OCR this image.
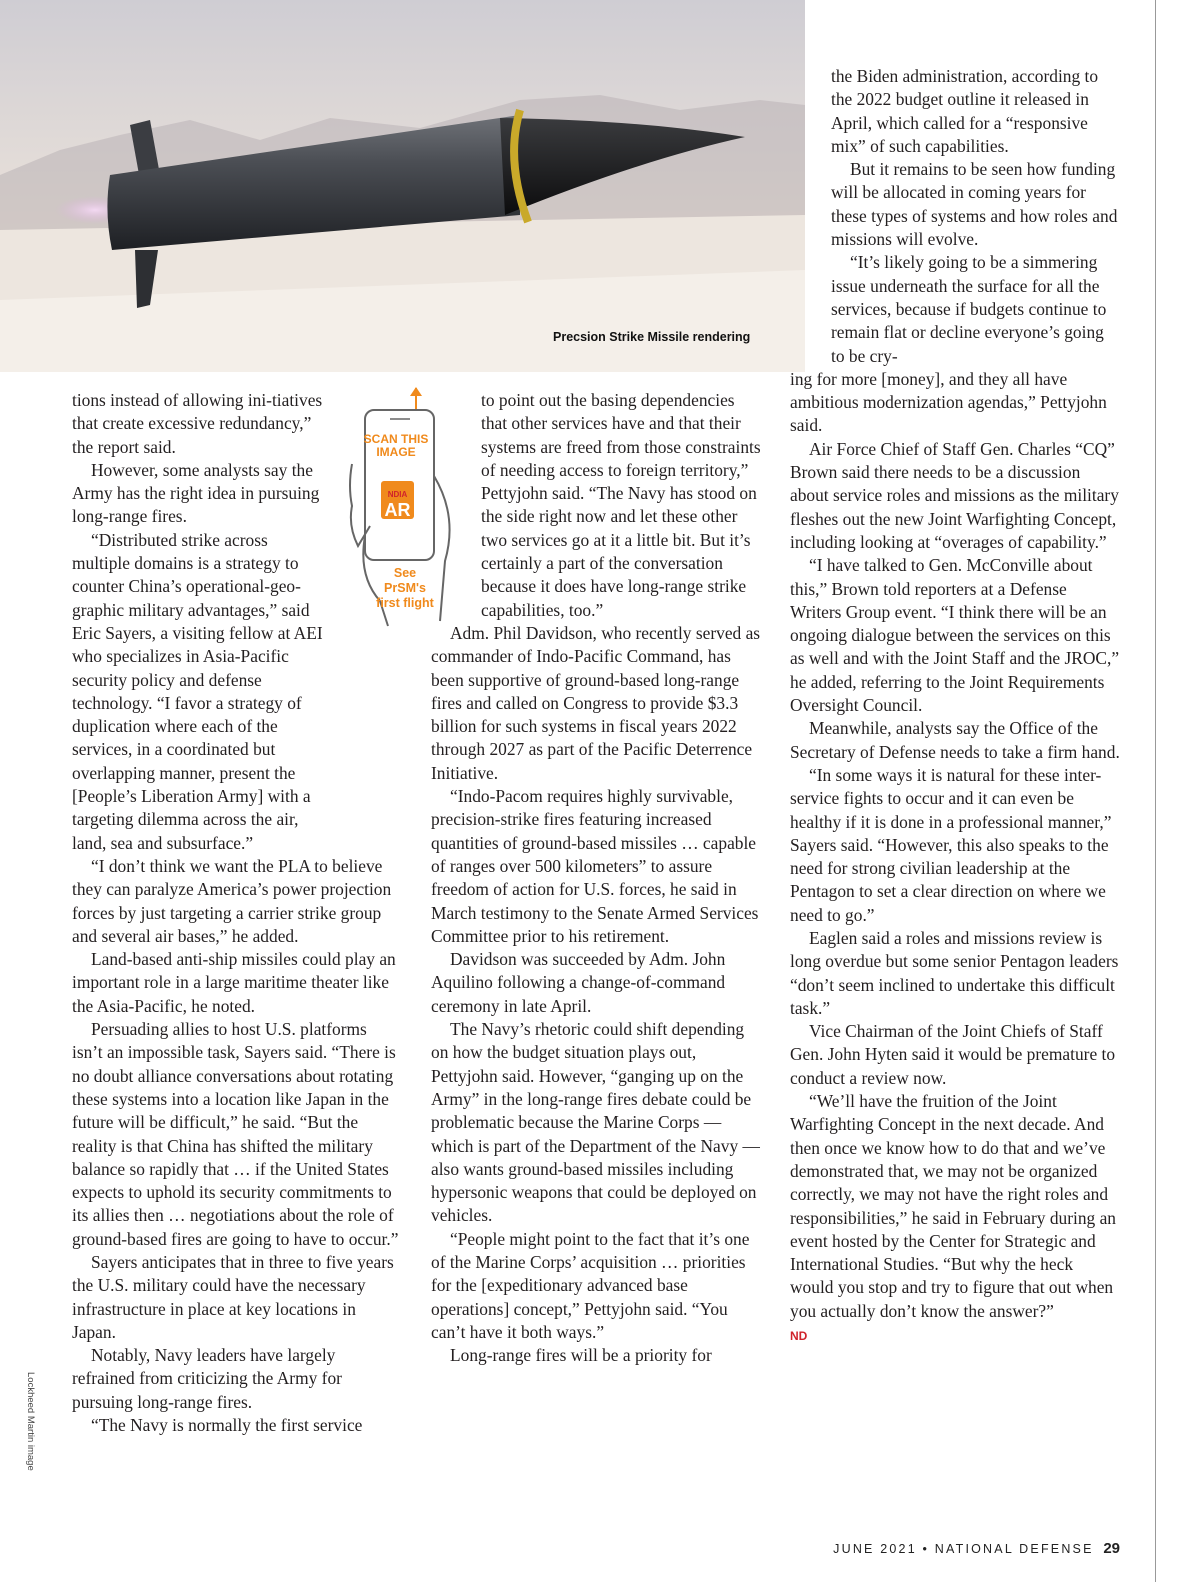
Precsion Strike Missile rendering
Lockheed Martin image
SCAN THIS IMAGE
NDIA
AR
See PrSM's first flight

tions instead of allowing ini-tiatives that create excessive redundancy,” the report said.

However, some analysts say the Army has the right idea in pursuing long-range fires.

“Distributed strike across multiple domains is a strategy to counter China’s operational-geo-graphic military advantages,” said Eric Sayers, a visiting fellow at AEI who specializes in Asia-Pacific security policy and defense technology. “I favor a strategy of duplication where each of the services, in a coordinated but overlapping manner, present the [People’s Liberation Army] with a targeting dilemma across the air, land, sea and subsurface.”

“I don’t think we want the PLA to believe they can paralyze America’s power projection forces by just targeting a carrier strike group and several air bases,” he added.

Land-based anti-ship missiles could play an important role in a large maritime theater like the Asia-Pacific, he noted.

Persuading allies to host U.S. platforms isn’t an impossible task, Sayers said. “There is no doubt alliance conversations about rotating these systems into a location like Japan in the future will be difficult,” he said. “But the reality is that China has shifted the military balance so rapidly that … if the United States expects to uphold its security commitments to its allies then … negotiations about the role of ground-based fires are going to have to occur.”

Sayers anticipates that in three to five years the U.S. military could have the necessary infrastructure in place at key locations in Japan.

Notably, Navy leaders have largely refrained from criticizing the Army for pursuing long-range fires.

“The Navy is normally the first service

to point out the basing dependencies that other services have and that their systems are freed from those constraints of needing access to foreign territory,” Pettyjohn said. “The Navy has stood on the side right now and let these other two services go at it a little bit. But it’s certainly a part of the conversation because it does have long-range strike capabilities, too.”

Adm. Phil Davidson, who recently served as commander of Indo-Pacific Command, has been supportive of ground-based long-range fires and called on Congress to provide $3.3 billion for such systems in fiscal years 2022 through 2027 as part of the Pacific Deterrence Initiative.

“Indo-Pacom requires highly survivable, precision-strike fires featuring increased quantities of ground-based missiles … capable of ranges over 500 kilometers” to assure freedom of action for U.S. forces, he said in March testimony to the Senate Armed Services Committee prior to his retirement.

Davidson was succeeded by Adm. John Aquilino following a change-of-command ceremony in late April.

The Navy’s rhetoric could shift depending on how the budget situation plays out, Pettyjohn said. However, “ganging up on the Army” in the long-range fires debate could be problematic because the Marine Corps — which is part of the Department of the Navy — also wants ground-based missiles including hypersonic weapons that could be deployed on vehicles.

“People might point to the fact that it’s one of the Marine Corps’ acquisition … priorities for the [expeditionary advanced base operations] concept,” Pettyjohn said. “You can’t have it both ways.”

Long-range fires will be a priority for

the Biden administration, according to the 2022 budget outline it released in April, which called for a “responsive mix” of such capabilities.

But it remains to be seen how funding will be allocated in coming years for these types of systems and how roles and missions will evolve.

“It’s likely going to be a simmering issue underneath the surface for all the services, because if budgets continue to remain flat or decline everyone’s going to be cry-

ing for more [money], and they all have ambitious modernization agendas,” Pettyjohn said.

Air Force Chief of Staff Gen. Charles “CQ” Brown said there needs to be a discussion about service roles and missions as the military fleshes out the new Joint Warfighting Concept, including looking at “overages of capability.”

“I have talked to Gen. McConville about this,” Brown told reporters at a Defense Writers Group event. “I think there will be an ongoing dialogue between the services on this as well and with the Joint Staff and the JROC,” he added, referring to the Joint Requirements Oversight Council.

Meanwhile, analysts say the Office of the Secretary of Defense needs to take a firm hand.

“In some ways it is natural for these inter-service fights to occur and it can even be healthy if it is done in a professional manner,” Sayers said. “However, this also speaks to the need for strong civilian leadership at the Pentagon to set a clear direction on where we need to go.”

Eaglen said a roles and missions review is long overdue but some senior Pentagon leaders “don’t seem inclined to undertake this difficult task.”

Vice Chairman of the Joint Chiefs of Staff Gen. John Hyten said it would be premature to conduct a review now.

“We’ll have the fruition of the Joint Warfighting Concept in the next decade. And then once we know how to do that and we’ve demonstrated that, we may not be organized correctly, we may not have the right roles and responsibilities,” he said in February during an event hosted by the Center for Strategic and International Studies. “But why the heck would you stop and try to figure that out when you actually don’t know the answer?”

ND
JUNE 2021 • NATIONAL DEFENSE 29
